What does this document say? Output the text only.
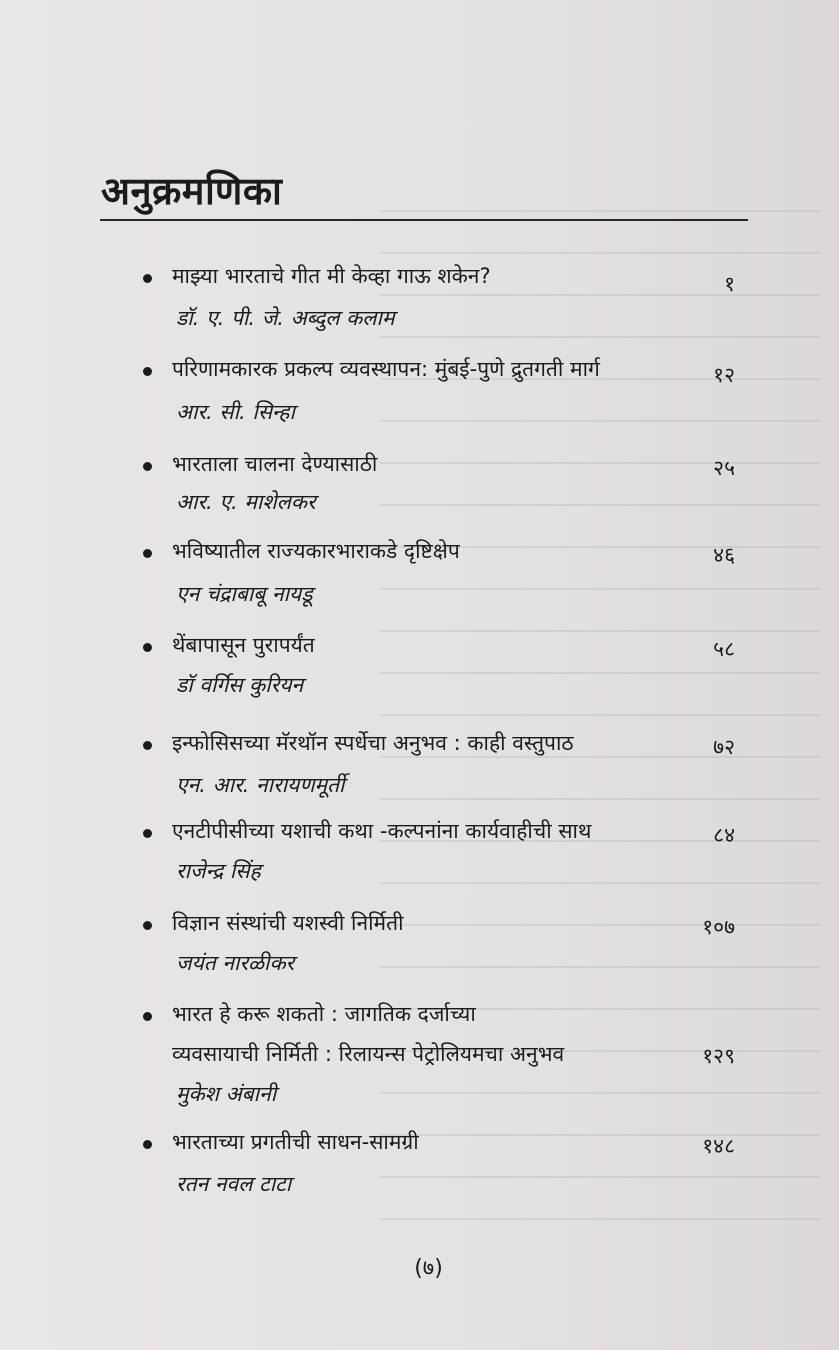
अनुक्रमणिका
माझ्या भारताचे गीत मी केव्हा गाऊ शकेन?
डॉ. ए. पी. जे. अब्दुल कलाम
१
परिणामकारक प्रकल्प व्यवस्थापन: मुंबई-पुणे द्रुतगती मार्ग
आर. सी. सिन्हा
१२
भारताला चालना देण्यासाठी
आर. ए. माशेलकर
२५
भविष्यातील राज्यकारभाराकडे दृष्टिक्षेप
एन चंद्राबाबू नायडू
४६
थेंबापासून पुरापर्यंत
डॉ वर्गिस कुरियन
५८
इन्फोसिसच्या मॅरथॉन स्पर्धेचा अनुभव : काही वस्तुपाठ
एन. आर. नारायणमूर्ती
७२
एनटीपीसीच्या यशाची कथा -कल्पनांना कार्यवाहीची साथ
राजेन्द्र सिंह
८४
विज्ञान संस्थांची यशस्वी निर्मिती
जयंत नारळीकर
१०७
भारत हे करू शकतो : जागतिक दर्जाच्या
व्यवसायाची निर्मिती : रिलायन्स पेट्रोलियमचा अनुभव
मुकेश अंबानी
१२९
भारताच्या प्रगतीची साधन-सामग्री
रतन नवल टाटा
१४८
(७)
